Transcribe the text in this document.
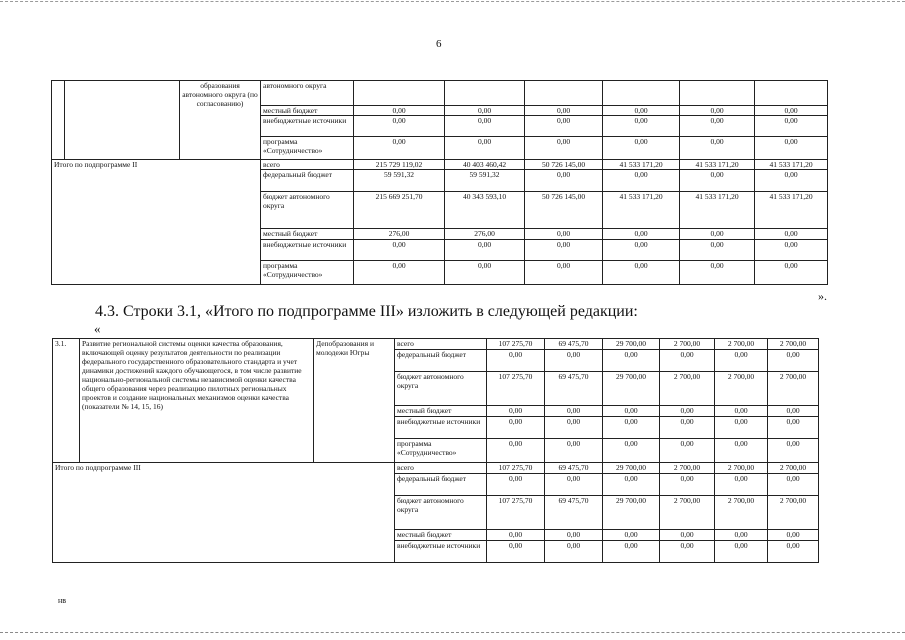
6
		образования автономного округа (по согласованию)	автономного округа						
			местный бюджет	0,00	0,00	0,00	0,00	0,00	0,00
			внебюджетные источники	0,00	0,00	0,00	0,00	0,00	0,00
			программа «Сотрудничество»	0,00	0,00	0,00	0,00	0,00	0,00
Итого по подпрограмме II			всего	215 729 119,02	40 403 460,42	50 726 145,00	41 533 171,20	41 533 171,20	41 533 171,20
			федеральный бюджет	59 591,32	59 591,32	0,00	0,00	0,00	0,00
			бюджет автономного округа	215 669 251,70	40 343 593,10	50 726 145,00	41 533 171,20	41 533 171,20	41 533 171,20
			местный бюджет	276,00	276,00	0,00	0,00	0,00	0,00
			внебюджетные источники	0,00	0,00	0,00	0,00	0,00	0,00
			программа «Сотрудничество»	0,00	0,00	0,00	0,00	0,00	0,00
».
4.3. Строки 3.1, «Итого по подпрограмме III» изложить в следующей редакции:
«
3.1.	Развитие региональной системы оценки качества образования, включающей оценку результатов деятельности по реализации федерального государственного образовательного стандарта и учет динамики достижений каждого обучающегося, в том числе развитие национально-региональной системы независимой оценки качества общего образования через реализацию пилотных региональных проектов и создание национальных механизмов оценки качества (показатели № 14, 15, 16)	Депобразования и молодежи Югры	всего	107 275,70	69 475,70	29 700,00	2 700,00	2 700,00	2 700,00
			федеральный бюджет	0,00	0,00	0,00	0,00	0,00	0,00
			бюджет автономного округа	107 275,70	69 475,70	29 700,00	2 700,00	2 700,00	2 700,00
			местный бюджет	0,00	0,00	0,00	0,00	0,00	0,00
			внебюджетные источники	0,00	0,00	0,00	0,00	0,00	0,00
			программа «Сотрудничество»	0,00	0,00	0,00	0,00	0,00	0,00
Итого по подпрограмме III			всего	107 275,70	69 475,70	29 700,00	2 700,00	2 700,00	2 700,00
			федеральный бюджет	0,00	0,00	0,00	0,00	0,00	0,00
			бюджет автономного округа	107 275,70	69 475,70	29 700,00	2 700,00	2 700,00	2 700,00
			местный бюджет	0,00	0,00	0,00	0,00	0,00	0,00
			внебюджетные источники	0,00	0,00	0,00	0,00	0,00	0,00
нв
